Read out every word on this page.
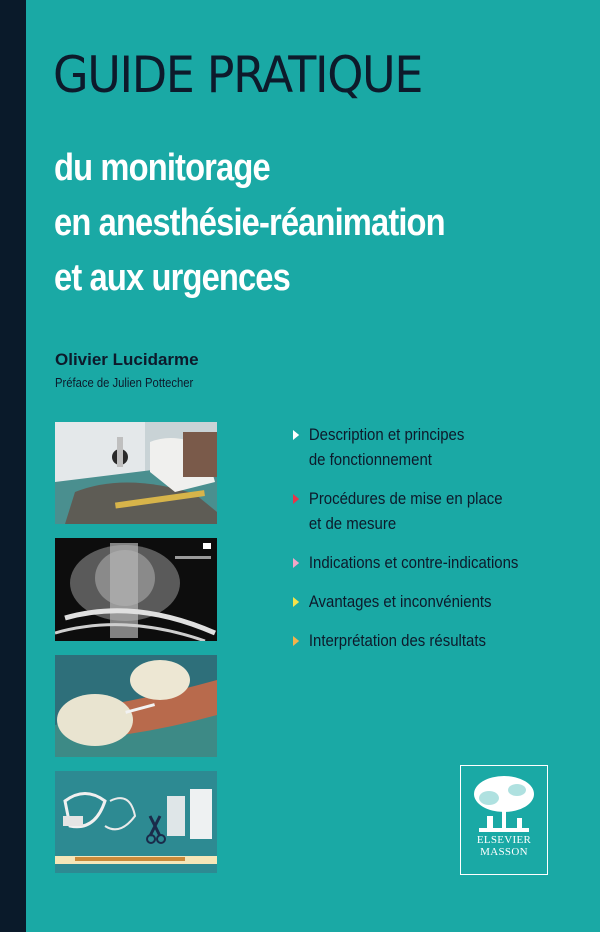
GUIDE PRATIQUE
du monitorage
en anesthésie-réanimation
et aux urgences
Olivier Lucidarme
Préface de Julien Pottecher
Description et principes
de fonctionnement
Procédures de mise en place
et de mesure
Indications et contre-indications
Avantages et inconvénients
Interprétation des résultats
ELSEVIER
MASSON
